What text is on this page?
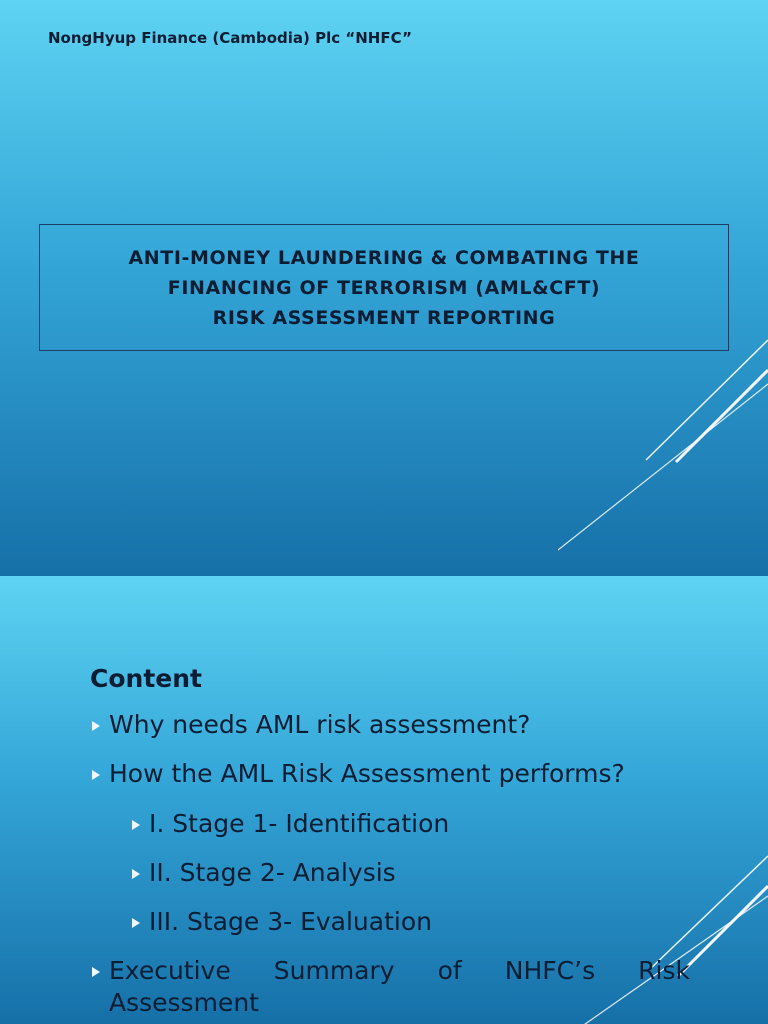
NongHyup Finance (Cambodia) Plc “NHFC”
ANTI-MONEY LAUNDERING & COMBATING THE
FINANCING OF TERRORISM (AML&CFT)
RISK ASSESSMENT REPORTING
Content
Why needs AML risk assessment?
How the AML Risk Assessment performs?
I. Stage 1- Identification
II. Stage 2- Analysis
III. Stage 3- Evaluation
Executive Summary of NHFC’s Risk
Assessment
